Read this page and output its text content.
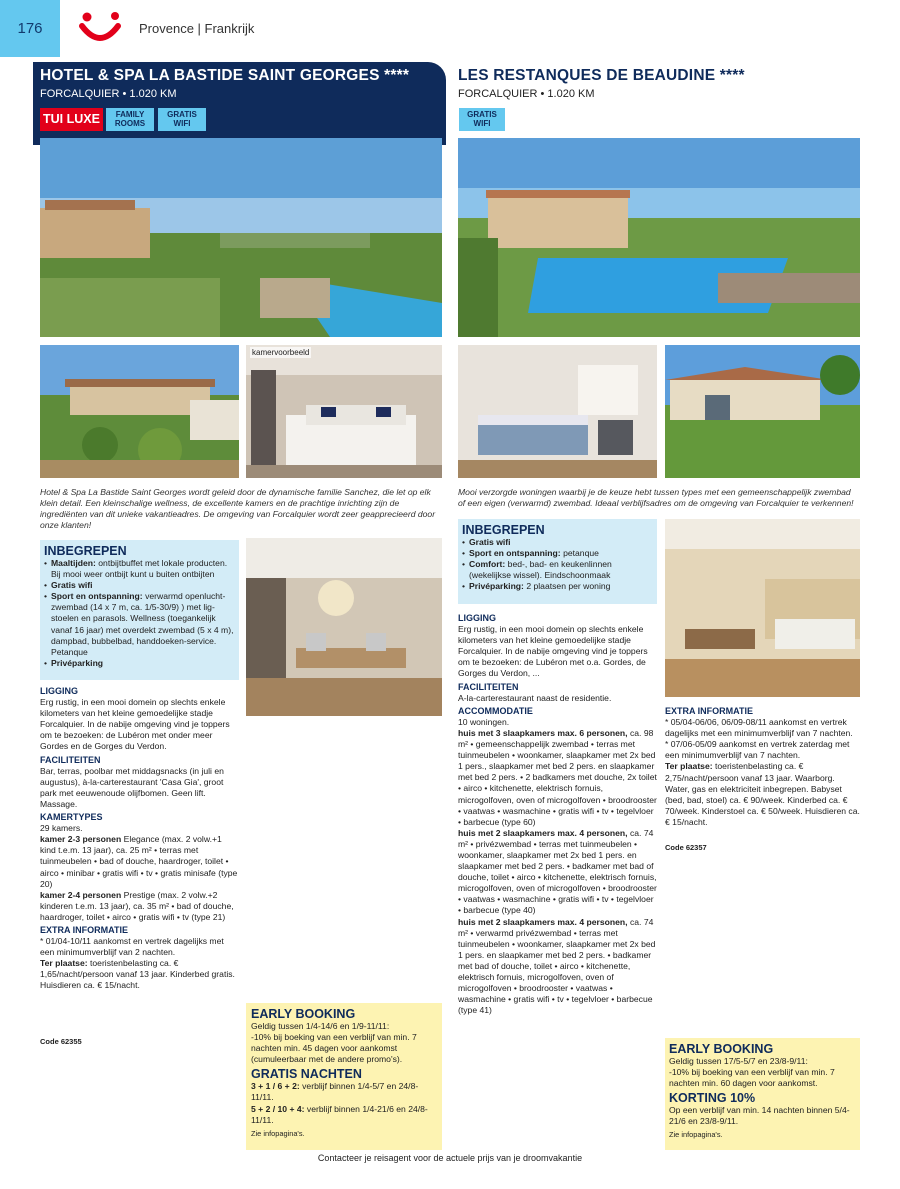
176	Provence | Frankrijk
HOTEL & SPA LA BASTIDE SAINT GEORGES ****
FORCALQUIER • 1.020 KM
TUI LUXE	FAMILY ROOMS
GRATIS WIFI
LES RESTANQUES DE BEAUDINE ****
FORCALQUIER • 1.020 KM
GRATIS WIFI
kamervoorbeeld
Hotel & Spa La Bastide Saint Georges wordt geleid door de dynamische familie Sanchez, die let op elk klein detail. Een kleinschalige wellness, de excellente kamers en de prachtige inrichting zijn de ingrediënten van dit unieke vakantieadres. De omgeving van Forcalquier wordt zeer geapprecieerd door onze klanten!
Mooi verzorgde woningen waarbij je de keuze hebt tussen types met een gemeenschappelijk zwembad of een eigen (verwarmd) zwembad. Ideaal verblijfsadres om de omgeving van Forcalquier te verkennen!
INBEGREPEN
• Maaltijden: ontbijtbuffet met lokale producten. Bij mooi weer ontbijt kunt u buiten ontbijten
• Gratis wifi
• Sport en ontspanning: verwarmd openlucht-zwembad (14 x 7 m, ca. 1/5-30/9) ) met lig-stoelen en parasols. Wellness (toegankelijk vanaf 16 jaar) met overdekt zwembad (5 x 4 m), dampbad, bubbelbad, handdoeken-service. Petanque
• Privéparking
LIGGING
Erg rustig, in een mooi domein op slechts enkele kilometers van het kleine gemoedelijke stadje Forcalquier. In de nabije omgeving vind je toppers om te bezoeken: de Lubéron met onder meer Gordes en de Gorges du Verdon.
FACILITEITEN
Bar, terras, poolbar met middagsnacks (in juli en augustus), à-la-carterestaurant 'Casa Gia', groot park met eeuwenoude olijfbomen. Geen lift. Massage.
KAMERTYPES
29 kamers.
kamer 2-3 personen Elegance (max. 2 volw.+1 kind t.e.m. 13 jaar), ca. 25 m² • terras met tuinmeubelen • bad of douche, haardroger, toilet • airco • minibar • gratis wifi • tv • gratis minisafe (type 20)
kamer 2-4 personen Prestige (max. 2 volw.+2 kinderen t.e.m. 13 jaar), ca. 35 m² • bad of douche, haardroger, toilet • airco • gratis wifi • tv (type 21)
EXTRA INFORMATIE
* 01/04-10/11 aankomst en vertrek dagelijks met een minimumverblijf van 2 nachten.
Ter plaatse: toeristenbelasting ca. € 1,65/nacht/persoon vanaf 13 jaar. Kinderbed gratis. Huisdieren ca. € 15/nacht.
Code 62355
EARLY BOOKING
Geldig tussen 1/4-14/6 en 1/9-11/11:
-10% bij boeking van een verblijf van min. 7 nachten min. 45 dagen voor aankomst (cumuleerbaar met de andere promo's).
GRATIS NACHTEN
3 + 1 / 6 + 2: verblijf binnen 1/4-5/7 en 24/8-11/11.
5 + 2 / 10 + 4: verblijf binnen 1/4-21/6 en 24/8-11/11.
Zie infopagina's.
INBEGREPEN
• Gratis wifi
• Sport en ontspanning: petanque
• Comfort: bed-, bad- en keukenlinnen (wekelijkse wissel). Eindschoonmaak
• Privéparking: 2 plaatsen per woning
LIGGING
Erg rustig, in een mooi domein op slechts enkele kilometers van het kleine gemoedelijke stadje Forcalquier. In de nabije omgeving vind je toppers om te bezoeken: de Lubéron met o.a. Gordes, de Gorges du Verdon, ...
FACILITEITEN
A-la-carterestaurant naast de residentie.
ACCOMMODATIE
10 woningen.
huis met 3 slaapkamers max. 6 personen, ca. 98 m² • gemeenschappelijk zwembad • terras met tuinmeubelen • woonkamer, slaapkamer met 2x bed 1 pers., slaapkamer met bed 2 pers. en slaapkamer met bed 2 pers. • 2 badkamers met douche, 2x toilet • airco • kitchenette, elektrisch fornuis, microgolfoven, oven of microgolfoven • broodrooster • vaatwas • wasmachine • gratis wifi • tv • tegelvloer • barbecue (type 60)
huis met 2 slaapkamers max. 4 personen, ca. 74 m² • privézwembad • terras met tuinmeubelen • woonkamer, slaapkamer met 2x bed 1 pers. en slaapkamer met bed 2 pers. • badkamer met bad of douche, toilet • airco • kitchenette, elektrisch fornuis, microgolfoven, oven of microgolfoven • broodrooster • vaatwas • wasmachine • gratis wifi • tv • tegelvloer • barbecue (type 40)
huis met 2 slaapkamers max. 4 personen, ca. 74 m² • verwarmd privézwembad • terras met tuinmeubelen • woonkamer, slaapkamer met 2x bed 1 pers. en slaapkamer met bed 2 pers. • badkamer met bad of douche, toilet • airco • kitchenette, elektrisch fornuis, microgolfoven, oven of microgolfoven • broodrooster • vaatwas • wasmachine • gratis wifi • tv • tegelvloer • barbecue (type 41)
EXTRA INFORMATIE
* 05/04-06/06, 06/09-08/11 aankomst en vertrek dagelijks met een minimumverblijf van 7 nachten.
* 07/06-05/09 aankomst en vertrek zaterdag met een minimumverblijf van 7 nachten.
Ter plaatse: toeristenbelasting ca. € 2,75/nacht/persoon vanaf 13 jaar. Waarborg. Water, gas en elektriciteit inbegrepen. Babyset (bed, bad, stoel) ca. € 90/week. Kinderbed ca. € 70/week. Kinderstoel ca. € 50/week. Huisdieren ca. € 15/nacht.
Code 62357
EARLY BOOKING
Geldig tussen 17/5-5/7 en 23/8-9/11:
-10% bij boeking van een verblijf van min. 7 nachten min. 60 dagen voor aankomst.
KORTING 10%
Op een verblijf van min. 14 nachten binnen 5/4-21/6 en 23/8-9/11.
Zie infopagina's.
Contacteer je reisagent voor de actuele prijs van je droomvakantie
